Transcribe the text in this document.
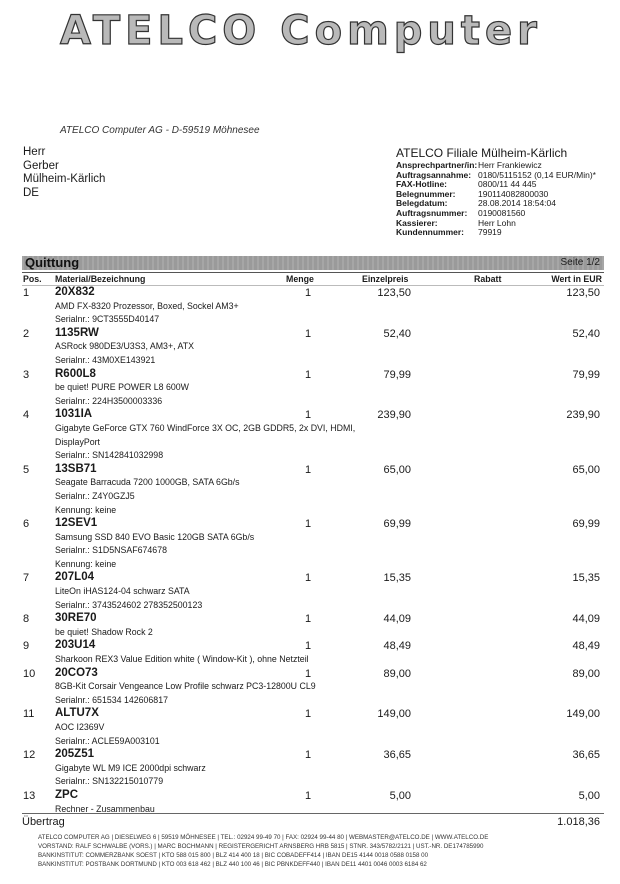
ATELCO Computer
ATELCO Computer AG - D-59519 Möhnesee
Herr
Gerber
Mülheim-Kärlich
DE
ATELCO Filiale Mülheim-Kärlich
Ansprechpartner/in: Herr Frankiewicz
Auftragsannahme: 0180/5115152 (0,14 EUR/Min)*
FAX-Hotline:	0800/11 44 445
Belegnummer:	190114082800030
Belegdatum:	28.08.2014 18:54:04
Auftragsnummer:	0190081560
Kassierer:	Herr Lohn
Kundennummer:	79919
Quittung	Seite 1/2
Pos. Material/Bezeichnung	Menge	Einzelpreis	Rabatt	Wert in EUR
1 20X832
AMD FX-8320 Prozessor, Boxed, Sockel AM3+
Serialnr.: 9CT3555D40147
1	123,50	123,50
2 1135RW
ASRock 980DE3/U3S3, AM3+, ATX
Serialnr.: 43M0XE143921
1	52,40	52,40
3 R600L8
be quiet! PURE POWER L8 600W
Serialnr.: 224H3500003336
1	79,99	79,99
4 1031IA
Gigabyte GeForce GTX 760 WindForce 3X OC, 2GB GDDR5, 2x DVI, HDMI,
DisplayPort
Serialnr.: SN142841032998
1	239,90	239,90
5 13SB71
Seagate Barracuda 7200 1000GB, SATA 6Gb/s
Serialnr.: Z4Y0GZJ5
Kennung: keine
1	65,00	65,00
6 12SEV1
Samsung SSD 840 EVO Basic 120GB SATA 6Gb/s
Serialnr.: S1D5NSAF674678
Kennung: keine
1	69,99	69,99
7 207L04
LiteOn iHAS124-04 schwarz SATA
Serialnr.: 3743524602 278352500123
1	15,35	15,35
8 30RE70
be quiet! Shadow Rock 2
1	44,09	44,09
9 203U14
Sharkoon REX3 Value Edition white ( Window-Kit ), ohne Netzteil
1	48,49	48,49
10 20CO73
8GB-Kit Corsair Vengeance Low Profile schwarz PC3-12800U CL9
Serialnr.: 651534 142606817
1	89,00	89,00
11 ALTU7X
AOC I2369V
Serialnr.: ACLE59A003101
1	149,00	149,00
12 205Z51
Gigabyte WL M9 ICE 2000dpi schwarz
Serialnr.: SN132215010779
1	36,65	36,65
13 ZPC
Rechner - Zusammenbau
1	5,00	5,00
Übertrag	1.018,36
ATELCO COMPUTER AG | DIESELWEG 6 | 59519 MÖHNESEE | TEL.: 02924 99-49 70 | FAX: 02924 99-44 80 | WEBMASTER@ATELCO.DE | WWW.ATELCO.DE
VORSTAND: RALF SCHWALBE (VORS.) | MARC BOCHMANN | REGISTERGERICHT ARNSBERG HRB 5815 | STNR. 343/5782/2121 | UST.-NR. DE174785990
BANKINSTITUT: COMMERZBANK SOEST | KTO 588 015 800 | BLZ 414 400 18 | BIC COBADEFF414 | IBAN DE15 4144 0018 0588 0158 00
BANKINSTITUT: POSTBANK DORTMUND | KTO 003 618 462 | BLZ 440 100 46 | BIC PBNKDEFF440 | IBAN DE11 4401 0046 0003 6184 62
